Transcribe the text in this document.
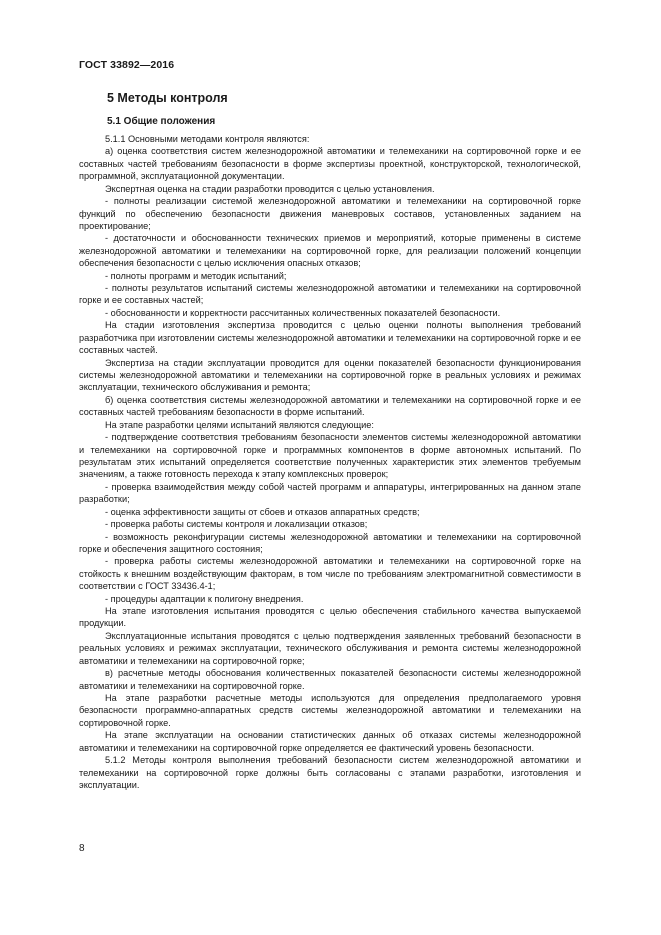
ГОСТ 33892—2016
5 Методы контроля
5.1 Общие положения

5.1.1 Основными методами контроля являются:

а) оценка соответствия систем железнодорожной автоматики и телемеханики на сортировочной горке и ее составных частей требованиям безопасности в форме экспертизы проектной, конструкторской, технологической, программной, эксплуатационной документации.

Экспертная оценка на стадии разработки проводится с целью установления.

- полноты реализации системой железнодорожной автоматики и телемеханики на сортировочной горке функций по обеспечению безопасности движения маневровых составов, установленных заданием на проектирование;

- достаточности и обоснованности технических приемов и мероприятий, которые применены в системе железнодорожной автоматики и телемеханики на сортировочной горке, для реализации положений концепции обеспечения безопасности с целью исключения опасных отказов;

- полноты программ и методик испытаний;

- полноты результатов испытаний системы железнодорожной автоматики и телемеханики на сортировочной горке и ее составных частей;

- обоснованности и корректности рассчитанных количественных показателей безопасности.

На стадии изготовления экспертиза проводится с целью оценки полноты выполнения требований разработчика при изготовлении системы железнодорожной автоматики и телемеханики на сортировочной горке и ее составных частей.

Экспертиза на стадии эксплуатации проводится для оценки показателей безопасности функционирования системы железнодорожной автоматики и телемеханики на сортировочной горке в реальных условиях и режимах эксплуатации, технического обслуживания и ремонта;

б) оценка соответствия системы железнодорожной автоматики и телемеханики на сортировочной горке и ее составных частей требованиям безопасности в форме испытаний.

На этапе разработки целями испытаний являются следующие:

- подтверждение соответствия требованиям безопасности элементов системы железнодорожной автоматики и телемеханики на сортировочной горке и программных компонентов в форме автономных испытаний. По результатам этих испытаний определяется соответствие полученных характеристик этих элементов требуемым значениям, а также готовность перехода к этапу комплексных проверок;

- проверка взаимодействия между собой частей программ и аппаратуры, интегрированных на данном этапе разработки;

- оценка эффективности защиты от сбоев и отказов аппаратных средств;

- проверка работы системы контроля и локализации отказов;

- возможность реконфигурации системы железнодорожной автоматики и телемеханики на сортировочной горке и обеспечения защитного состояния;

- проверка работы системы железнодорожной автоматики и телемеханики на сортировочной горке на стойкость к внешним воздействующим факторам, в том числе по требованиям электромагнитной совместимости в соответствии с ГОСТ 33436.4-1;

- процедуры адаптации к полигону внедрения.

На этапе изготовления испытания проводятся с целью обеспечения стабильного качества выпускаемой продукции.

Эксплуатационные испытания проводятся с целью подтверждения заявленных требований безопасности в реальных условиях и режимах эксплуатации, технического обслуживания и ремонта системы железнодорожной автоматики и телемеханики на сортировочной горке;

в) расчетные методы обоснования количественных показателей безопасности системы железнодорожной автоматики и телемеханики на сортировочной горке.

На этапе разработки расчетные методы используются для определения предполагаемого уровня безопасности программно-аппаратных средств системы железнодорожной автоматики и телемеханики на сортировочной горке.

На этапе эксплуатации на основании статистических данных об отказах системы железнодорожной автоматики и телемеханики на сортировочной горке определяется ее фактический уровень безопасности.

5.1.2 Методы контроля выполнения требований безопасности систем железнодорожной автоматики и телемеханики на сортировочной горке должны быть согласованы с этапами разработки, изготовления и эксплуатации.

8
